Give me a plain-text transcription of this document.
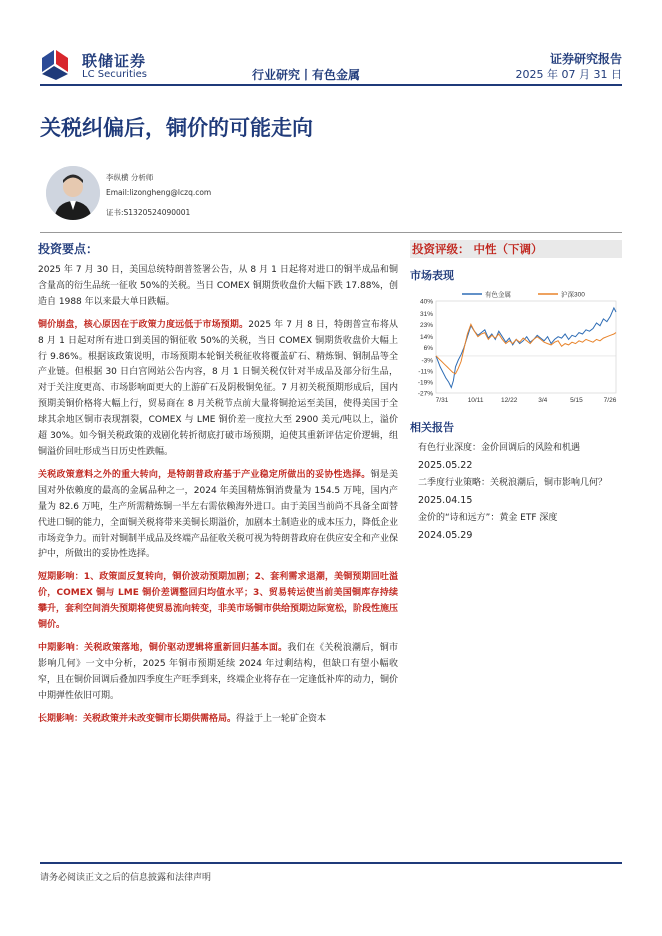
联储证券
LC Securities	行业研究丨有色金属
证券研究报告
2025 年 07 月 31 日
关税纠偏后，铜价的可能走向
李纵横 分析师
Email:lizongheng@lczq.com
证书:S1320524090001
投资要点：

2025 年 7 月 30 日，美国总统特朗普签署公告，从 8 月 1 日起将对进口的铜半成品和铜含量高的衍生品统一征收 50%的关税。当日 COMEX 铜期货收盘价大幅下跌 17.88%，创造自 1988 年以来最大单日跌幅。

铜价崩盘，核心原因在于政策力度远低于市场预期。2025 年 7 月 8 日，特朗普宣布将从 8 月 1 日起对所有进口到美国的铜征收 50%的关税，当日 COMEX 铜期货收盘价大幅上行 9.86%。根据该政策说明，市场预期本轮铜关税征收将覆盖矿石、精炼铜、铜制品等全产业链。但根据 30 日白宫网站公告内容，8 月 1 日铜关税仅针对半成品及部分衍生品，对于关注度更高、市场影响面更大的上游矿石及阴极铜免征。7 月初关税预期形成后，国内预期美铜价格将大幅上行，贸易商在 8 月关税节点前大量将铜抢运至美国，使得美国于全球其余地区铜市表现割裂，COMEX 与 LME 铜价差一度拉大至 2900 美元/吨以上，溢价超 30%。如今铜关税政策的戏剧化转折彻底打破市场预期，迫使其重新评估定价逻辑，组铜溢价回吐形成当日历史性跌幅。

关税政策意料之外的重大转向，是特朗普政府基于产业稳定所做出的妥协性选择。铜是美国对外依赖度的最高的金属品种之一，2024 年美国精炼铜消费量为 154.5 万吨，国内产量为 82.6 万吨，生产所需精炼铜一半左右需依赖海外进口。由于美国当前尚不具备全面替代进口铜的能力，全面铜关税将带来美铜长期溢价，加剧本土制造业的成本压力，降低企业市场竞争力。而针对铜制半成品及终端产品征收关税可视为特朗普政府在供应安全和产业保护中，所做出的妥协性选择。

短期影响：1、政策面反复转向，铜价波动预期加剧；2、套利需求退潮，美铜预期回吐溢价，COMEX 铜与 LME 铜价差调整回归均值水平；3、贸易转运使当前美国铜库存持续攀升，套利空间消失预期将使贸易流向转变，非美市场铜市供给预期边际宽松，阶段性施压铜价。

中期影响：关税政策落地，铜价驱动逻辑将重新回归基本面。我们在《关税浪潮后，铜市影响几何》一文中分析，2025 年铜市预期延续 2024 年过剩结构，但缺口有望小幅收窄，且在铜价回调后叠加四季度生产旺季到来，终端企业将存在一定逢低补库的动力，铜价中期弹性依旧可期。

长期影响：关税政策并未改变铜市长期供需格局。得益于上一轮矿企资本

投资评级： 中性（下调）
市场表现
40%
31%
23%
14%
6%
-3%
-11%
-19%
-27%
7/31	10/11	12/22	3/4	5/15	7/26
有色金属	沪深300
相关报告
有色行业深度：金价回调后的风险和机遇
2025.05.22
二季度行业策略：关税浪潮后，铜市影响几何？
2025.04.15
金价的“诗和远方”：黄金 ETF 深度
2024.05.29
请务必阅读正文之后的信息披露和法律声明
